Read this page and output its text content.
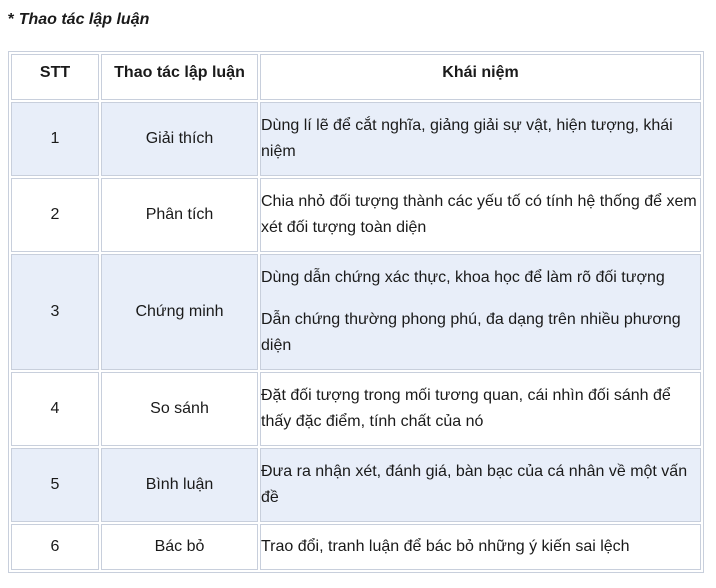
* Thao tác lập luận

STT	Thao tác lập luận	Khái niệm

1	Giải thích	Dùng lí lẽ để cắt nghĩa, giảng giải sự vật, hiện tượng, khái niệm

2	Phân tích	Chia nhỏ đối tượng thành các yếu tố có tính hệ thống để xem xét đối tượng toàn diện

3	Chứng minh	Dùng dẫn chứng xác thực, khoa học để làm rõ đối tượng

Dẫn chứng thường phong phú, đa dạng trên nhiều phương diện

4	So sánh	Đặt đối tượng trong mối tương quan, cái nhìn đối sánh để thấy đặc điểm, tính chất của nó

5	Bình luận	Đưa ra nhận xét, đánh giá, bàn bạc của cá nhân về một vấn đề

6	Bác bỏ	Trao đổi, tranh luận để bác bỏ những ý kiến sai lệch
